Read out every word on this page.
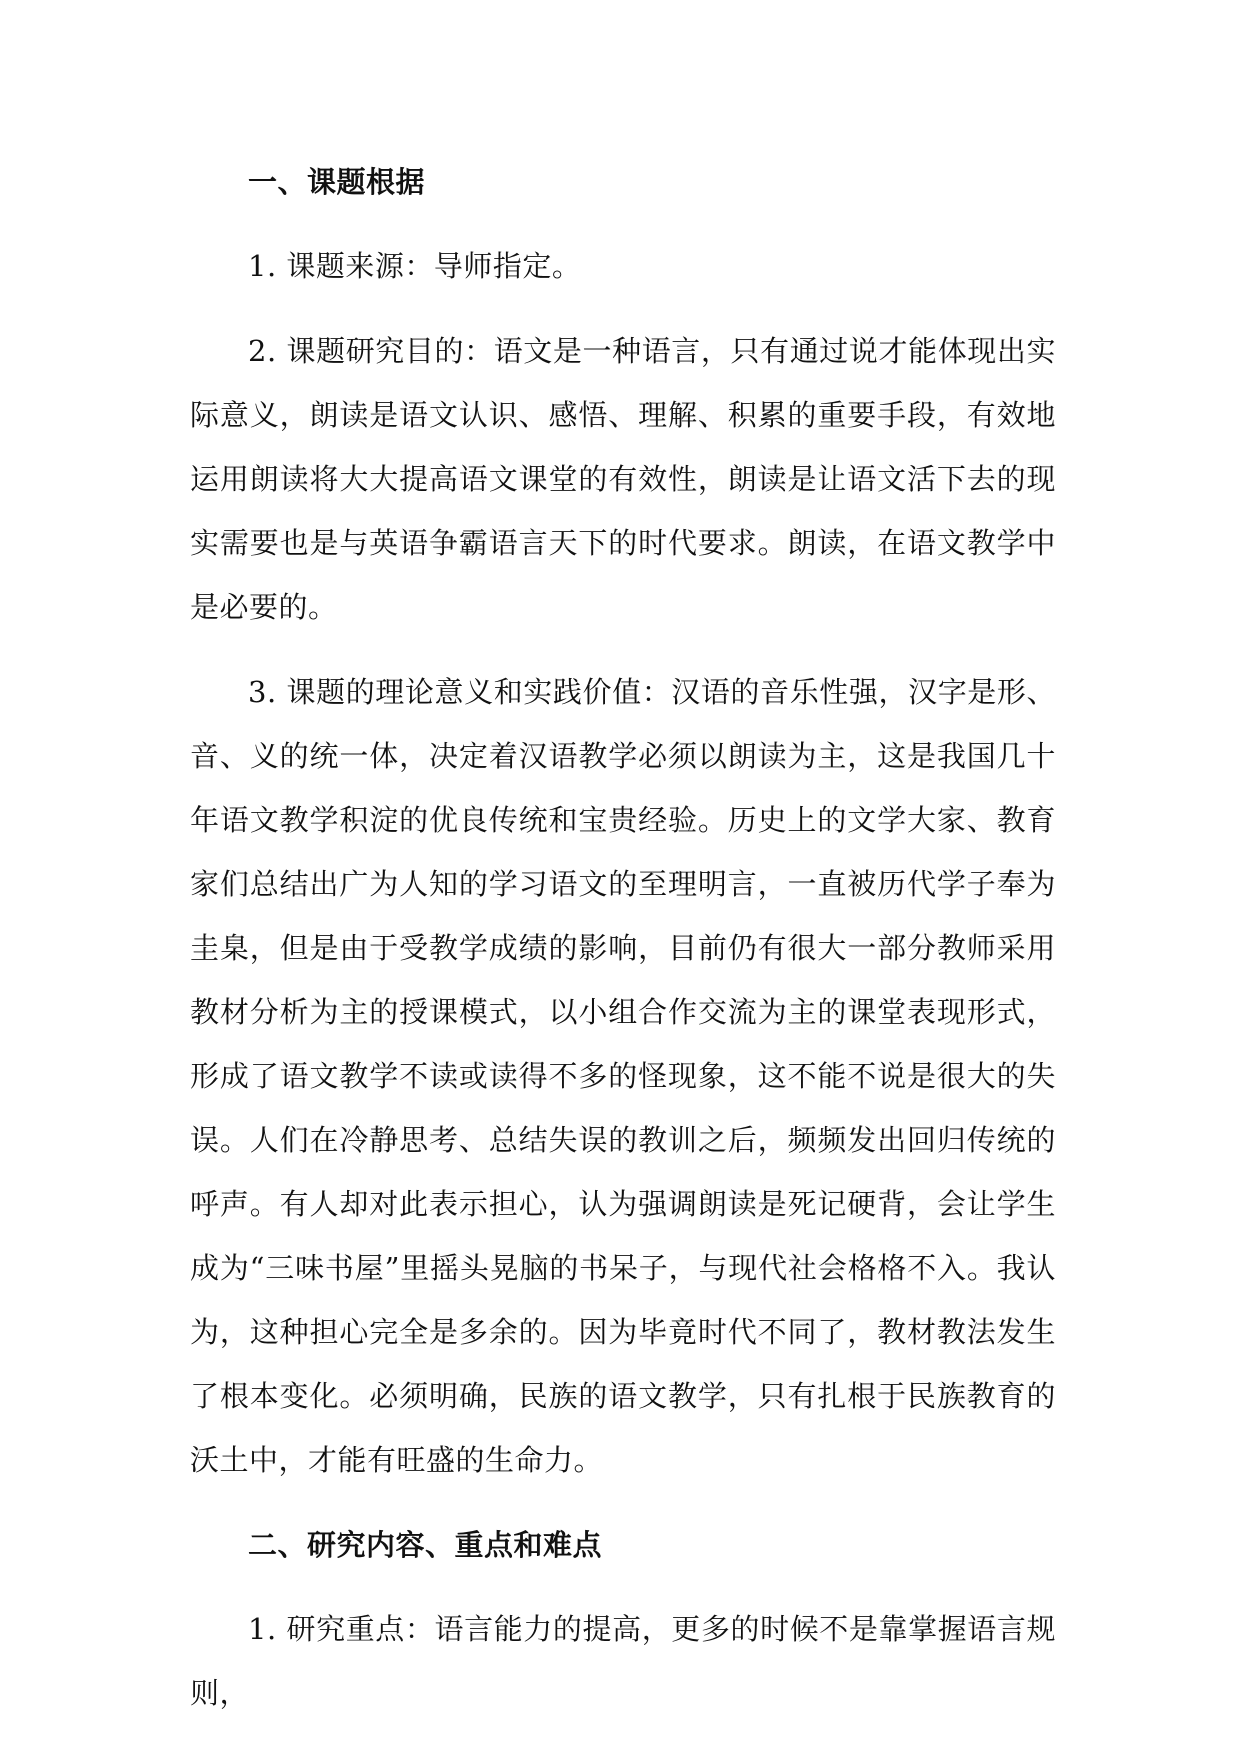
一、课题根据
1. 课题来源：导师指定。
2. 课题研究目的：语文是一种语言，只有通过说才能体现出实际意义，朗读是语文认识、感悟、理解、积累的重要手段，有效地运用朗读将大大提高语文课堂的有效性，朗读是让语文活下去的现实需要也是与英语争霸语言天下的时代要求。朗读，在语文教学中是必要的。
3. 课题的理论意义和实践价值：汉语的音乐性强，汉字是形、音、义的统一体，决定着汉语教学必须以朗读为主，这是我国几十年语文教学积淀的优良传统和宝贵经验。历史上的文学大家、教育家们总结出广为人知的学习语文的至理明言，一直被历代学子奉为圭臬，但是由于受教学成绩的影响，目前仍有很大一部分教师采用教材分析为主的授课模式，以小组合作交流为主的课堂表现形式，形成了语文教学不读或读得不多的怪现象，这不能不说是很大的失误。人们在冷静思考、总结失误的教训之后，频频发出回归传统的呼声。有人却对此表示担心，认为强调朗读是死记硬背，会让学生成为“三味书屋”里摇头晃脑的书呆子，与现代社会格格不入。我认为，这种担心完全是多余的。因为毕竟时代不同了，教材教法发生了根本变化。必须明确，民族的语文教学，只有扎根于民族教育的沃土中，才能有旺盛的生命力。
二、研究内容、重点和难点
1. 研究重点：语言能力的提高，更多的时候不是靠掌握语言规则，
